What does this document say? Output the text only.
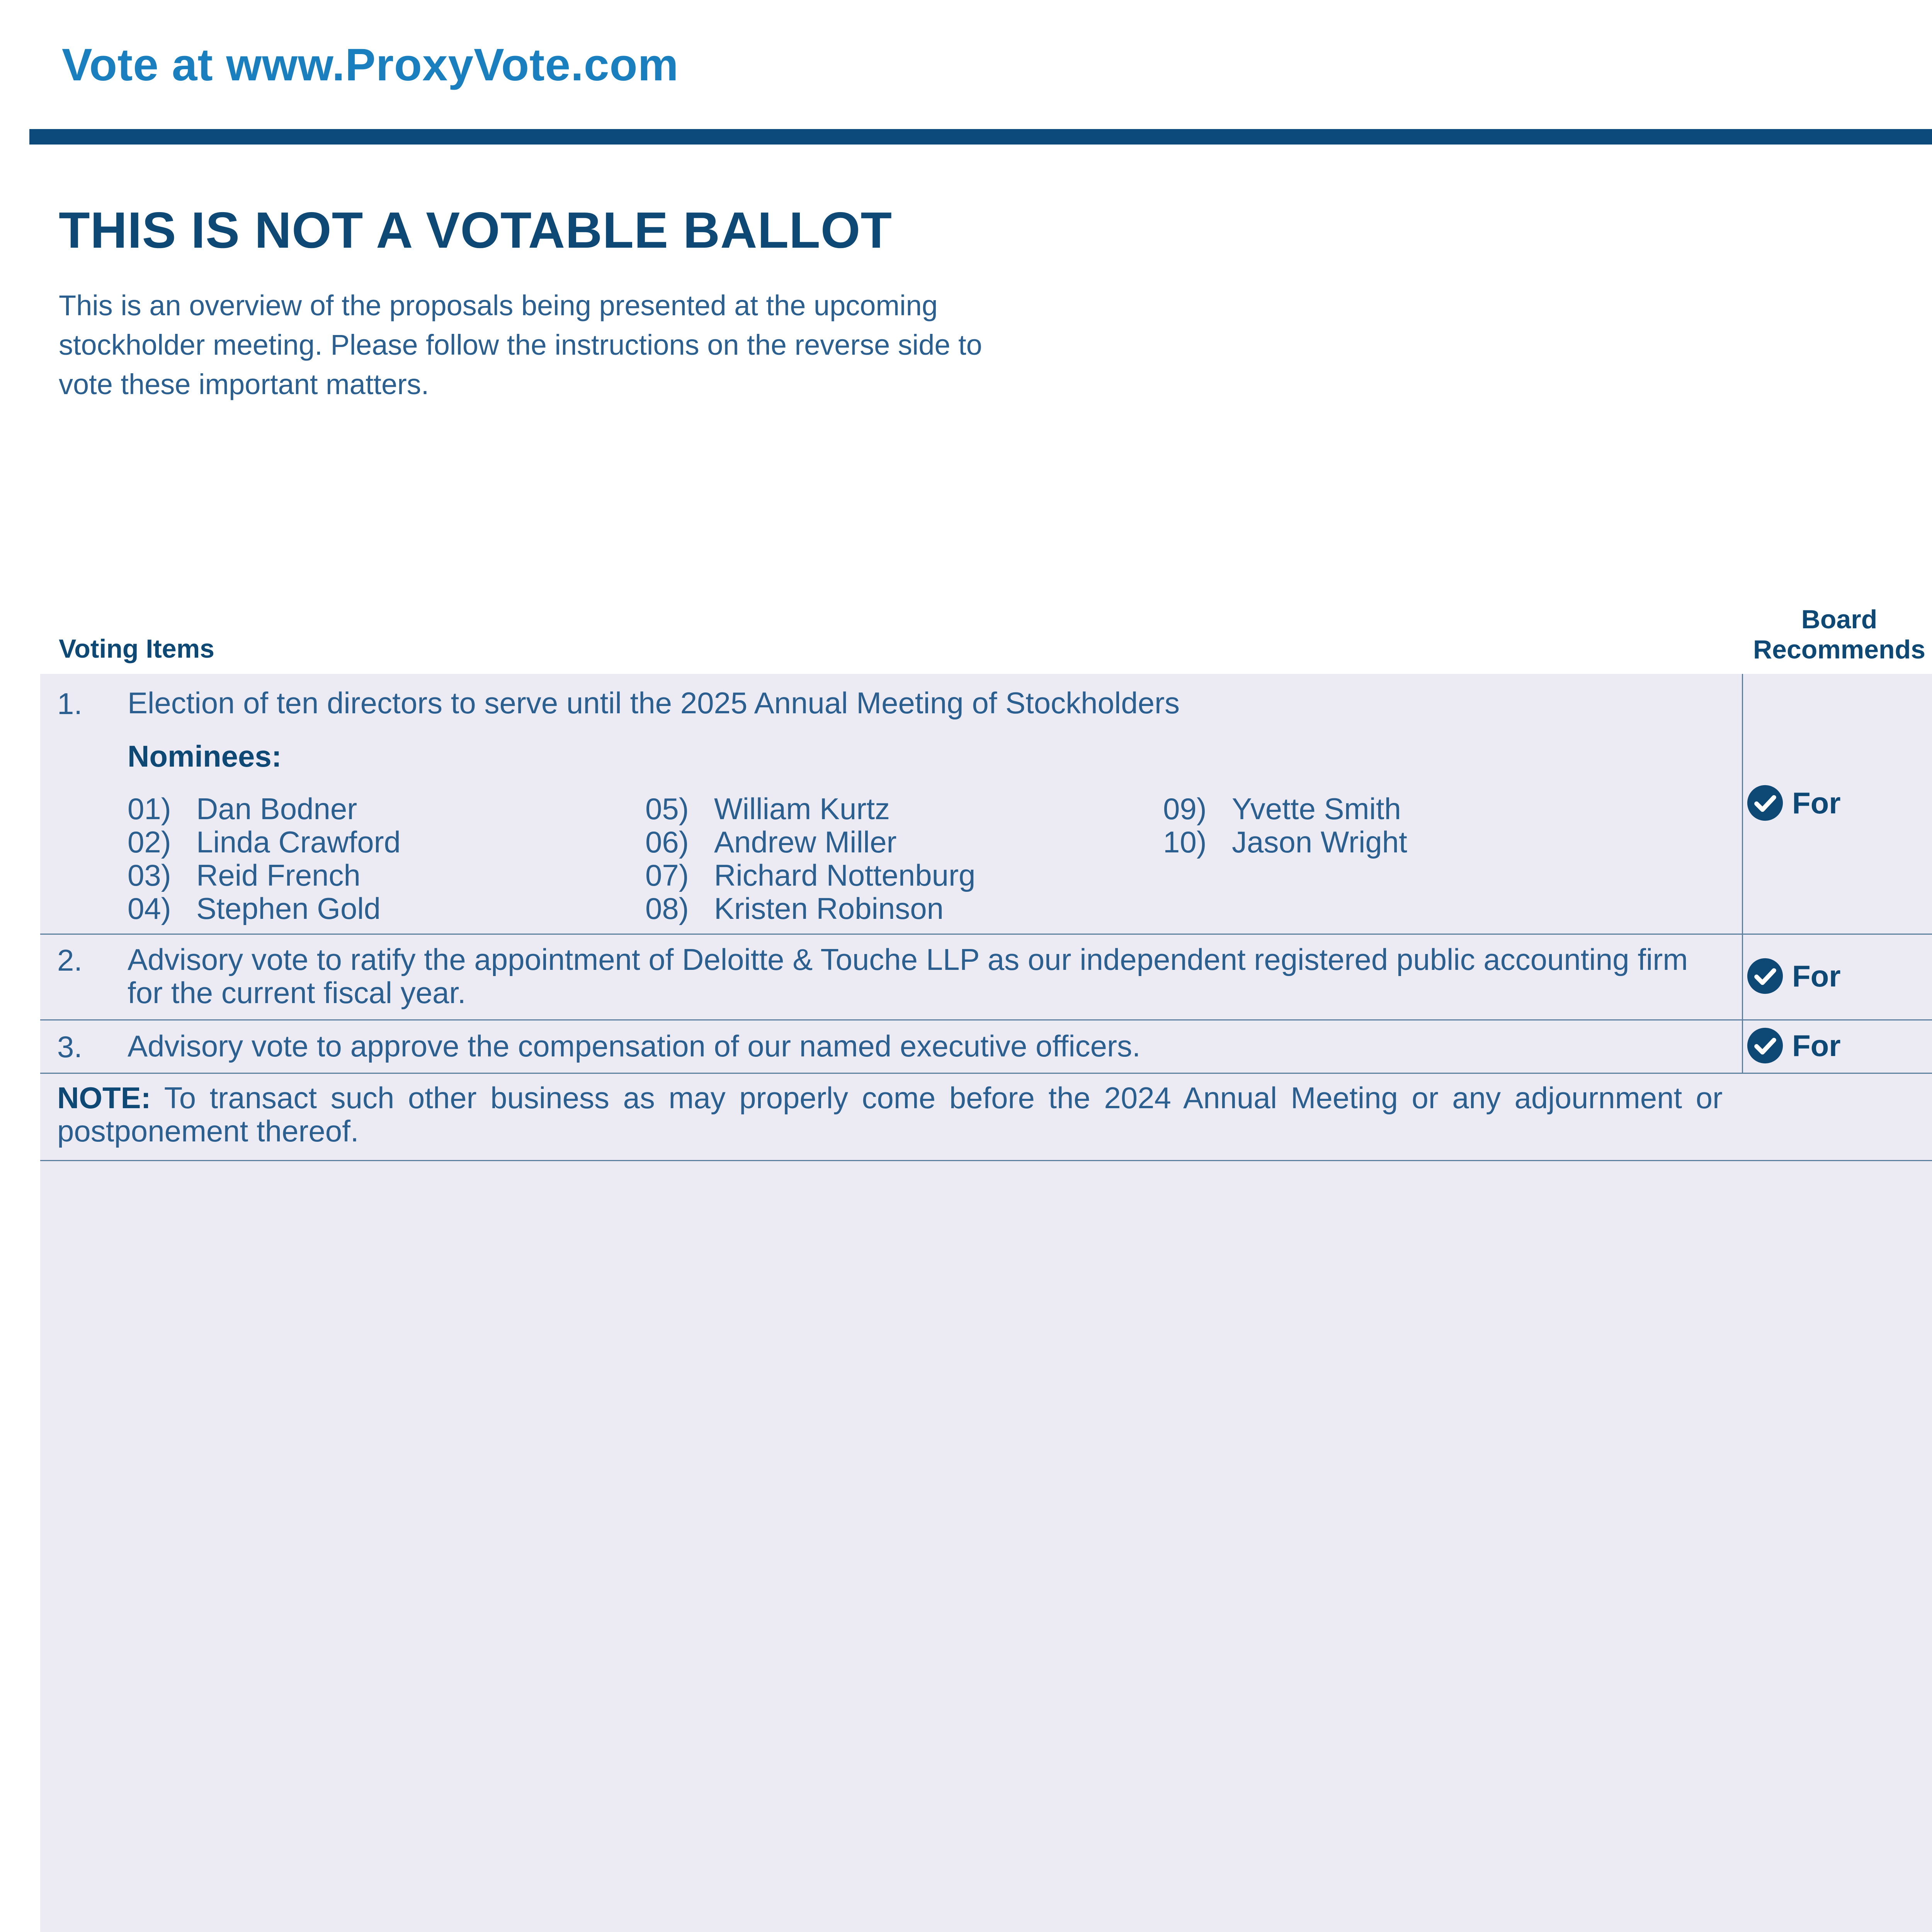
Vote at www.ProxyVote.com
THIS IS NOT A VOTABLE BALLOT
This is an overview of the proposals being presented at the upcoming stockholder meeting. Please follow the instructions on the reverse side to vote these important matters.
Voting Items
Board
Recommends
1. Election of ten directors to serve until the 2025 Annual Meeting of Stockholders
Nominees:
01) Dan Bodner
02) Linda Crawford
03) Reid French
04) Stephen Gold
05) William Kurtz
06) Andrew Miller
07) Richard Nottenburg
08) Kristen Robinson
09) Yvette Smith
10) Jason Wright
For
2. Advisory vote to ratify the appointment of Deloitte & Touche LLP as our independent registered public accounting firm for the current fiscal year.	For
3. Advisory vote to approve the compensation of our named executive officers.	For
NOTE: To transact such other business as may properly come before the 2024 Annual Meeting or any adjournment or postponement thereof.
